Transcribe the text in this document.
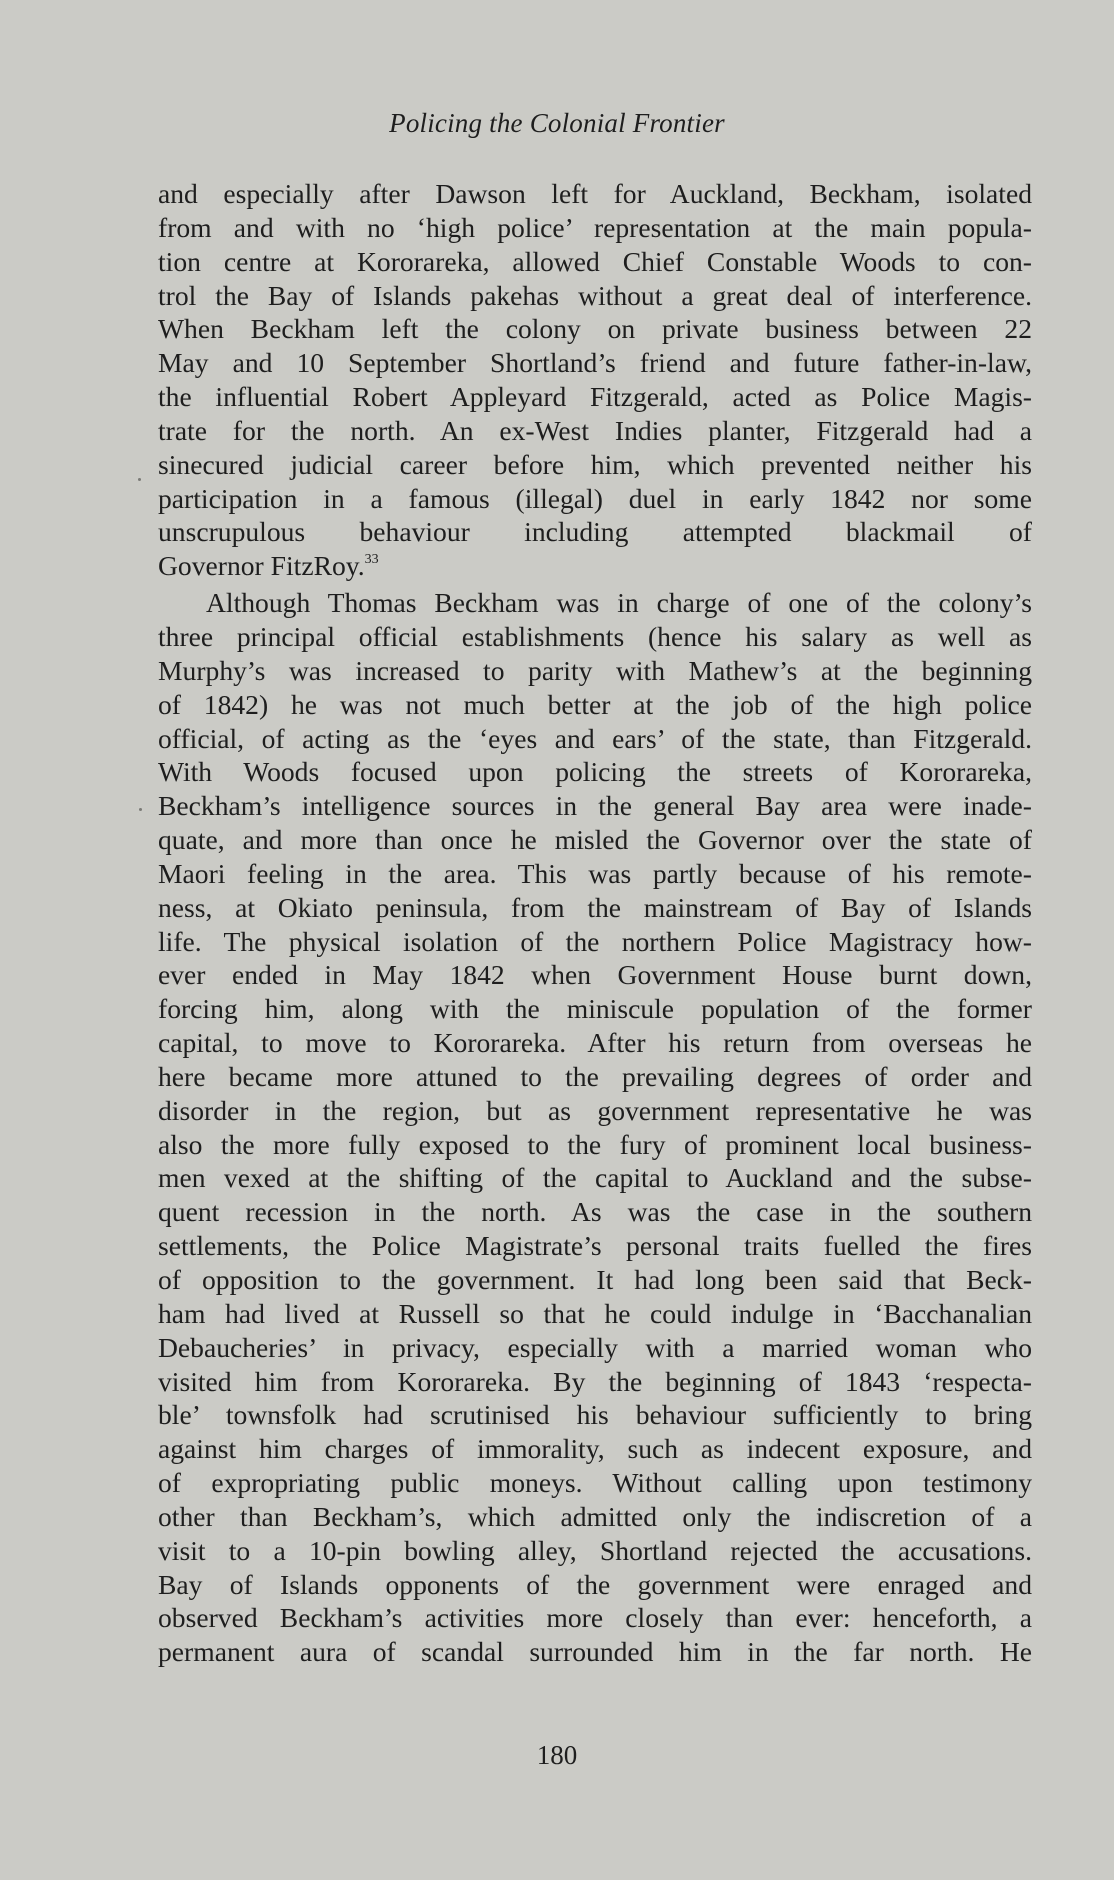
Policing the Colonial Frontier
and especially after Dawson left for Auckland, Beckham, isolated
from and with no ‘high police’ representation at the main popula-
tion centre at Kororareka, allowed Chief Constable Woods to con-
trol the Bay of Islands pakehas without a great deal of interference.
When Beckham left the colony on private business between 22
May and 10 September Shortland’s friend and future father-in-law,
the influential Robert Appleyard Fitzgerald, acted as Police Magis-
trate for the north. An ex-West Indies planter, Fitzgerald had a
sinecured judicial career before him, which prevented neither his
participation in a famous (illegal) duel in early 1842 nor some
unscrupulous behaviour including attempted blackmail of
Governor FitzRoy.$^{33}$
Although Thomas Beckham was in charge of one of the colony’s
three principal official establishments (hence his salary as well as
Murphy’s was increased to parity with Mathew’s at the beginning
of 1842) he was not much better at the job of the high police
official, of acting as the ‘eyes and ears’ of the state, than Fitzgerald.
With Woods focused upon policing the streets of Kororareka,
Beckham’s intelligence sources in the general Bay area were inade-
quate, and more than once he misled the Governor over the state of
Maori feeling in the area. This was partly because of his remote-
ness, at Okiato peninsula, from the mainstream of Bay of Islands
life. The physical isolation of the northern Police Magistracy how-
ever ended in May 1842 when Government House burnt down,
forcing him, along with the miniscule population of the former
capital, to move to Kororareka. After his return from overseas he
here became more attuned to the prevailing degrees of order and
disorder in the region, but as government representative he was
also the more fully exposed to the fury of prominent local business-
men vexed at the shifting of the capital to Auckland and the subse-
quent recession in the north. As was the case in the southern
settlements, the Police Magistrate’s personal traits fuelled the fires
of opposition to the government. It had long been said that Beck-
ham had lived at Russell so that he could indulge in ‘Bacchanalian
Debaucheries’ in privacy, especially with a married woman who
visited him from Kororareka. By the beginning of 1843 ‘respecta-
ble’ townsfolk had scrutinised his behaviour sufficiently to bring
against him charges of immorality, such as indecent exposure, and
of expropriating public moneys. Without calling upon testimony
other than Beckham’s, which admitted only the indiscretion of a
visit to a 10-pin bowling alley, Shortland rejected the accusations.
Bay of Islands opponents of the government were enraged and
observed Beckham’s activities more closely than ever: henceforth, a
permanent aura of scandal surrounded him in the far north. He
180
